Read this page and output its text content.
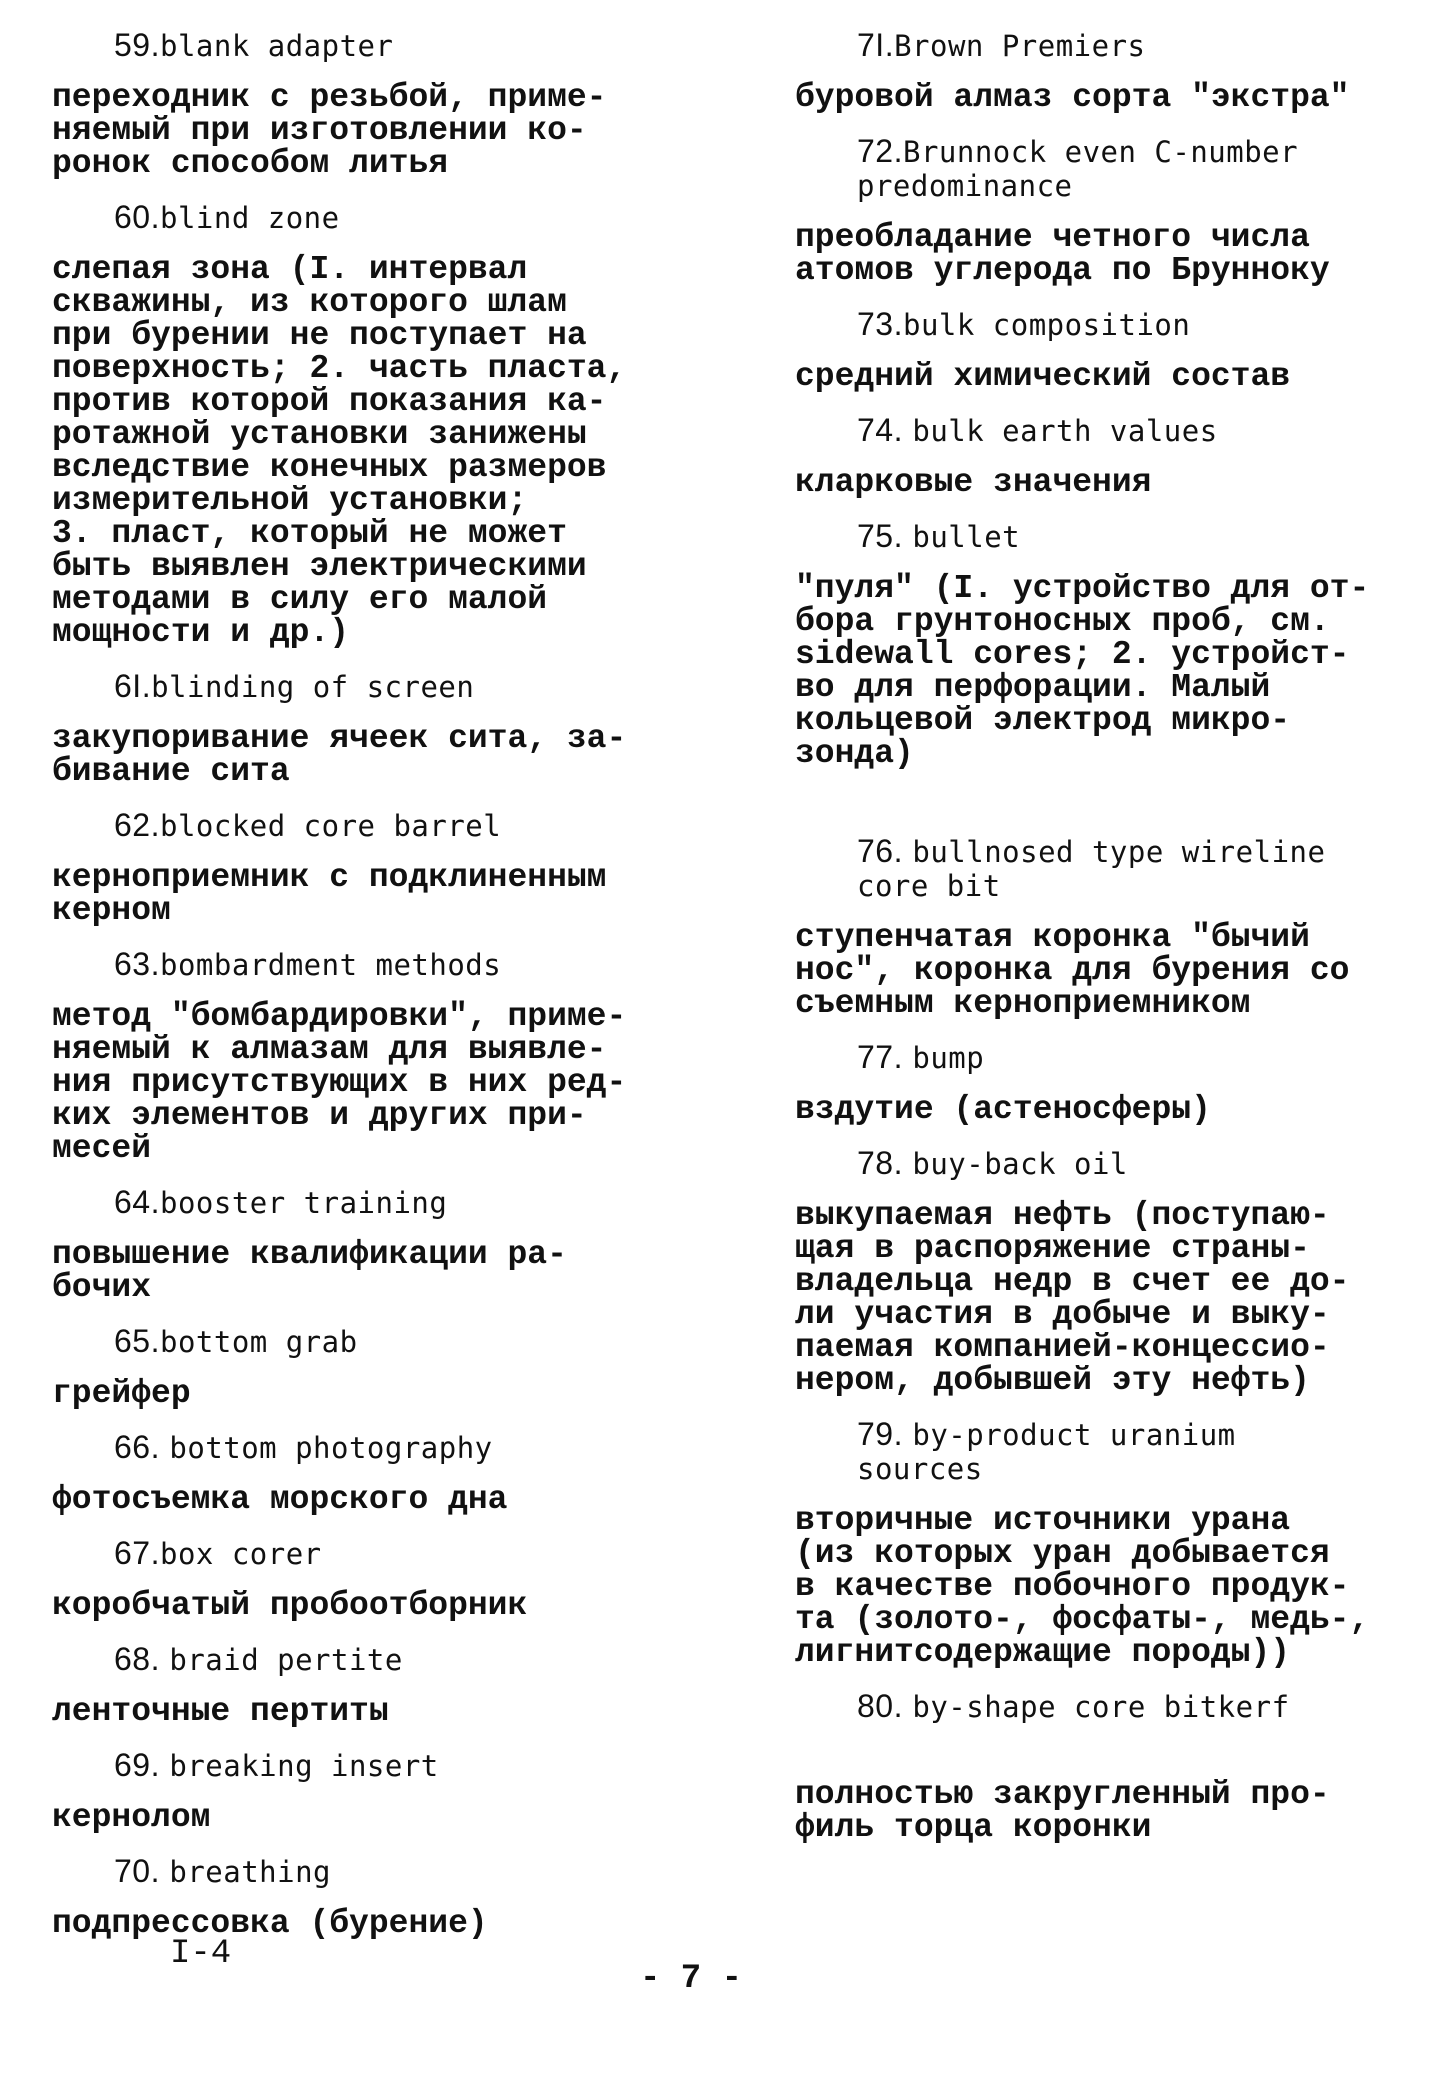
59.blank adapter

переходник с резьбой, приме-
няемый при изготовлении ко-
ронок способом литья

60.blind zone

слепая зона (I. интервал
скважины, из которого шлам
при бурении не поступает на
поверхность; 2. часть пласта,
против которой показания ка-
ротажной установки занижены
вследствие конечных размеров
измерительной установки;
3. пласт, который не может
быть выявлен электрическими
методами в силу его малой
мощности и др.)

6I.blinding of screen

закупоривание ячеек сита, за-
бивание сита

62.blocked core barrel

керноприемник с подклиненным
керном

63.bombardment methods

метод "бомбардировки", приме-
няемый к алмазам для выявле-
ния присутствующих в них ред-
ких элементов и других при-
месей

64.booster training

повышение квалификации ра-
бочих

65.bottom grab

грейфер

66. bottom photography

фотосъемка морского дна

67.box corer

коробчатый пробоотборник

68. braid pertite

ленточные пертиты

69. breaking insert

кернолом

70. breathing

подпрессовка (бурение)

7I.Brown Premiers

буровой алмаз сорта "экстра"

72.Brunnock even C-number
predominance

преобладание четного числа
атомов углерода по Брунноку

73.bulk composition

средний химический состав

74. bulk earth values

кларковые значения

75. bullet

"пуля" (I. устройство для от-
бора грунтоносных проб, см.
sidewall cores; 2. устройст-
во для перфорации. Малый
кольцевой электрод микро-
зонда)

76. bullnosed type wireline
core bit

ступенчатая коронка "бычий
нос", коронка для бурения со
съемным керноприемником

77. bump

вздутие (астеносферы)

78. buy-back oil

выкупаемая нефть (поступаю-
щая в распоряжение страны-
владельца недр в счет ее до-
ли участия в добыче и выку-
паемая компанией-концессио-
нером, добывшей эту нефть)

79. by-product uranium
sources

вторичные источники урана
(из которых уран добывается
в качестве побочного продук-
та (золото-, фосфаты-, медь-,
лигнитсодержащие породы))

80. by-shape core bitkerf

полностью закругленный про-
филь торца коронки

I-4
- 7 -
